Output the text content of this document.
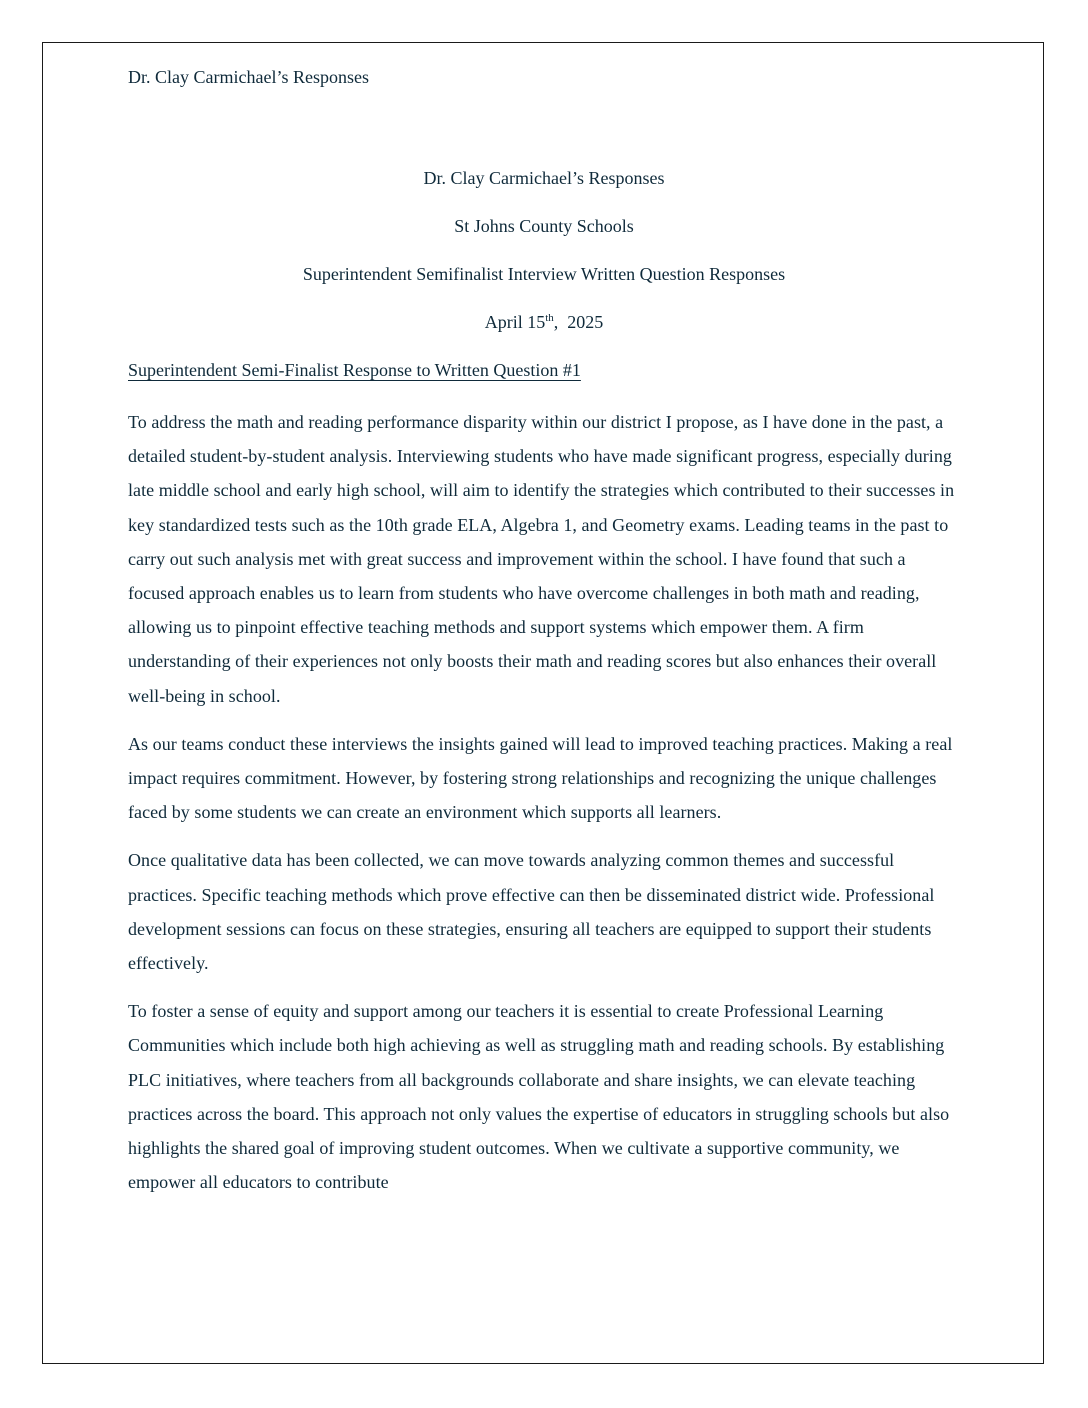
Dr. Clay Carmichael’s Responses
Dr. Clay Carmichael’s Responses
St Johns County Schools
Superintendent Semifinalist Interview Written Question Responses
April 15th,  2025
Superintendent Semi-Finalist Response to Written Question #1

To address the math and reading performance disparity within our district I propose, as I have done in the past, a detailed student-by-student analysis. Interviewing students who have made significant progress, especially during late middle school and early high school, will aim to identify the strategies which contributed to their successes in key standardized tests such as the 10th grade ELA, Algebra 1, and Geometry exams. Leading teams in the past to carry out such analysis met with great success and improvement within the school. I have found that such a focused approach enables us to learn from students who have overcome challenges in both math and reading, allowing us to pinpoint effective teaching methods and support systems which empower them. A firm understanding of their experiences not only boosts their math and reading scores but also enhances their overall well-being in school.

As our teams conduct these interviews the insights gained will lead to improved teaching practices. Making a real impact requires commitment. However, by fostering strong relationships and recognizing the unique challenges faced by some students we can create an environment which supports all learners.

Once qualitative data has been collected, we can move towards analyzing common themes and successful practices. Specific teaching methods which prove effective can then be disseminated district wide. Professional development sessions can focus on these strategies, ensuring all teachers are equipped to support their students effectively.

To foster a sense of equity and support among our teachers it is essential to create Professional Learning Communities which include both high achieving as well as struggling math and reading schools. By establishing PLC initiatives, where teachers from all backgrounds collaborate and share insights, we can elevate teaching practices across the board. This approach not only values the expertise of educators in struggling schools but also highlights the shared goal of improving student outcomes. When we cultivate a supportive community, we empower all educators to contribute
